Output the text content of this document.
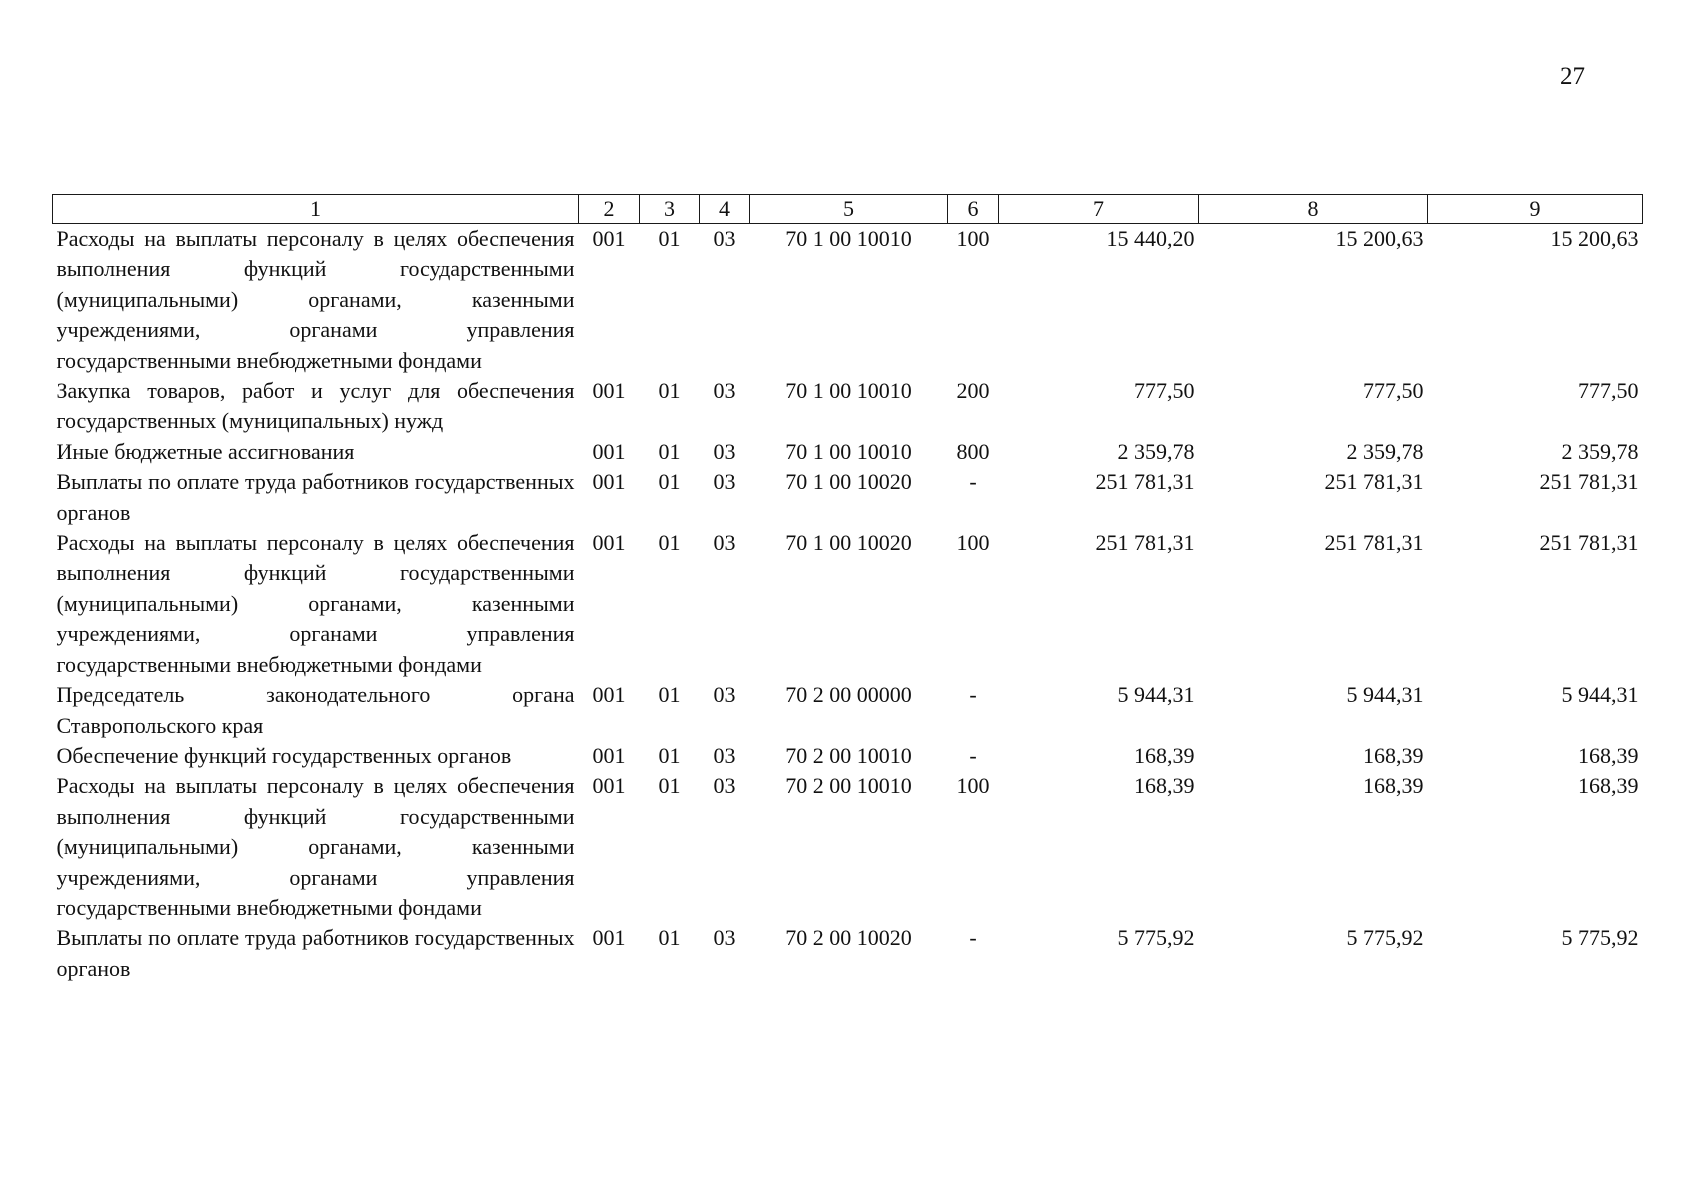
27
1	2	3	4	5	6	7	8	9
Расходы на выплаты персоналу в целях обеспечения выполнения функций государственными (муниципальными) органами, казенными учреждениями, органами управления государственными внебюджетными фондами	001	01	03	70 1 00 10010	100	15 440,20	15 200,63	15 200,63
Закупка товаров, работ и услуг для обеспечения государственных (муниципальных) нужд	001	01	03	70 1 00 10010	200	777,50	777,50	777,50
Иные бюджетные ассигнования	001	01	03	70 1 00 10010	800	2 359,78	2 359,78	2 359,78
Выплаты по оплате труда работников государственных органов	001	01	03	70 1 00 10020	-	251 781,31	251 781,31	251 781,31
Расходы на выплаты персоналу в целях обеспечения выполнения функций государственными (муниципальными) органами, казенными учреждениями, органами управления государственными внебюджетными фондами	001	01	03	70 1 00 10020	100	251 781,31	251 781,31	251 781,31
Председатель законодательного органа Ставропольского края	001	01	03	70 2 00 00000	-	5 944,31	5 944,31	5 944,31
Обеспечение функций государственных органов	001	01	03	70 2 00 10010	-	168,39	168,39	168,39
Расходы на выплаты персоналу в целях обеспечения выполнения функций государственными (муниципальными) органами, казенными учреждениями, органами управления государственными внебюджетными фондами	001	01	03	70 2 00 10010	100	168,39	168,39	168,39
Выплаты по оплате труда работников государственных органов	001	01	03	70 2 00 10020	-	5 775,92	5 775,92	5 775,92
